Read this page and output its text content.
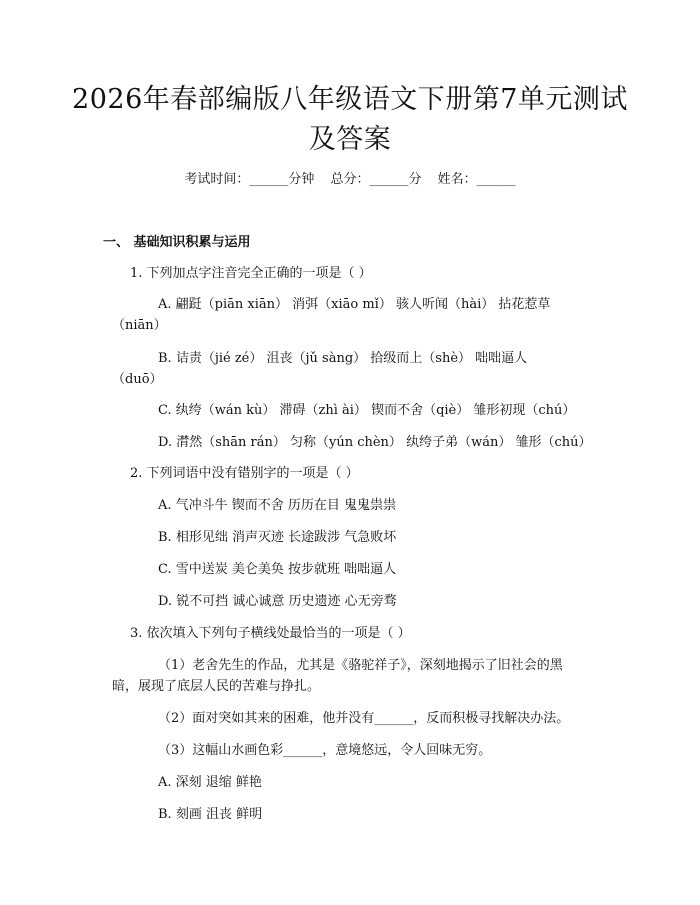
2026年春部编版八年级语文下册第7单元测试及答案
考试时间：______分钟 总分：______分 姓名：______
一、 基础知识积累与运用
1. 下列加点字注音完全正确的一项是（ ）
A. 翩跹（piān xiān） 消弭（xiāo mǐ） 骇人听闻（hài） 拈花惹草
（niān）
B. 诘责（jié zé） 沮丧（jǔ sàng） 拾级而上（shè） 咄咄逼人
（duō）
C. 纨绔（wán kù） 滞碍（zhì ài） 锲而不舍（qiè） 雏形初现（chú）
D. 潸然（shān rán） 匀称（yún chèn） 纨绔子弟（wán） 雏形（chú）
2. 下列词语中没有错别字的一项是（ ）
A. 气冲斗牛 锲而不舍 历历在目 鬼鬼祟祟
B. 相形见绌 消声灭迹 长途跋涉 气急败坏
C. 雪中送炭 美仑美奂 按步就班 咄咄逼人
D. 锐不可挡 诚心诚意 历史遗迹 心无旁骛
3. 依次填入下列句子横线处最恰当的一项是（ ）
（1）老舍先生的作品，尤其是《骆驼祥子》，深刻地揭示了旧社会的黑
暗，展现了底层人民的苦难与挣扎。
（2）面对突如其来的困难，他并没有______，反而积极寻找解决办法。
（3）这幅山水画色彩______，意境悠远，令人回味无穷。
A. 深刻 退缩 鲜艳
B. 刻画 沮丧 鲜明
